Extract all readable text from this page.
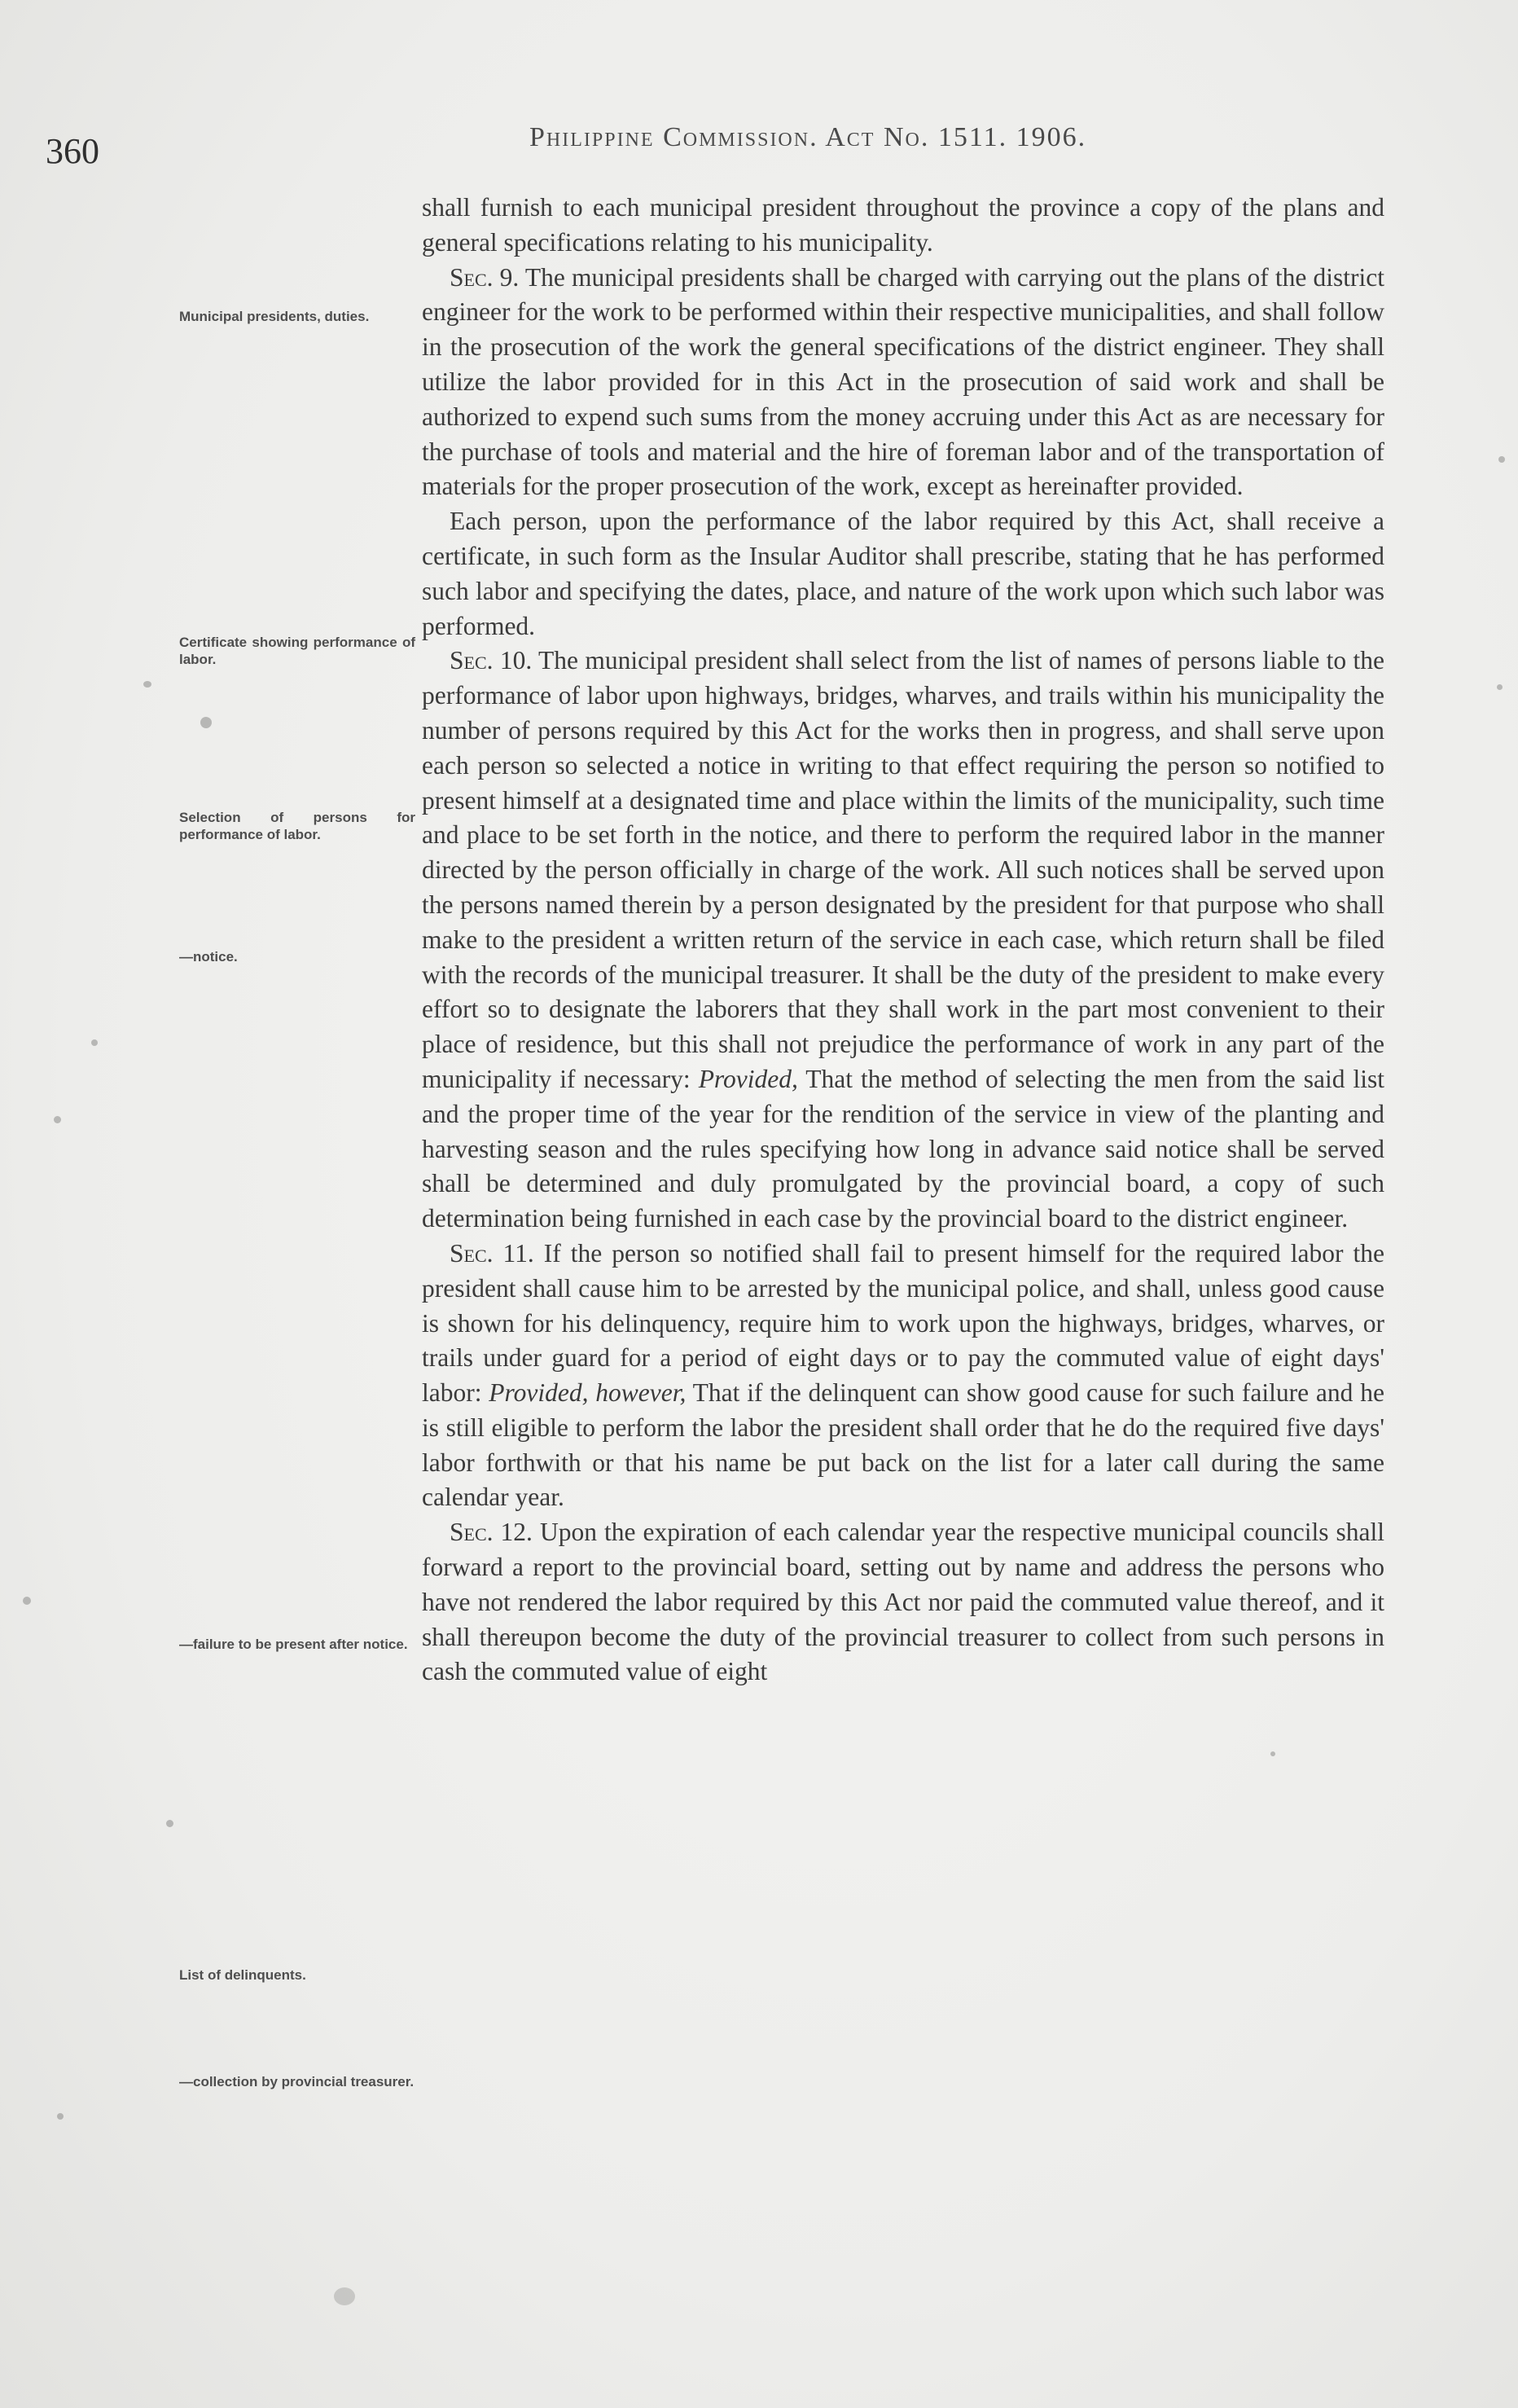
360	Philippine Commission. Act No. 1511. 1906.
Municipal presidents, duties.
Certificate showing performance of labor.
Selection of persons for performance of labor.
—notice.
—failure to be present after notice.
List of delinquents.
—collection by provincial treasurer.

shall furnish to each municipal president throughout the province a copy of the plans and general specifications relating to his municipality.

Sec. 9. The municipal presidents shall be charged with carrying out the plans of the district engineer for the work to be performed within their respective municipalities, and shall follow in the prosecution of the work the general specifications of the district engineer. They shall utilize the labor provided for in this Act in the prosecution of said work and shall be authorized to expend such sums from the money accruing under this Act as are necessary for the purchase of tools and material and the hire of foreman labor and of the transportation of materials for the proper prosecution of the work, except as hereinafter provided.

Each person, upon the performance of the labor required by this Act, shall receive a certificate, in such form as the Insular Auditor shall prescribe, stating that he has performed such labor and specifying the dates, place, and nature of the work upon which such labor was performed.

Sec. 10. The municipal president shall select from the list of names of persons liable to the performance of labor upon highways, bridges, wharves, and trails within his municipality the number of persons required by this Act for the works then in progress, and shall serve upon each person so selected a notice in writing to that effect requiring the person so notified to present himself at a designated time and place within the limits of the municipality, such time and place to be set forth in the notice, and there to perform the required labor in the manner directed by the person officially in charge of the work. All such notices shall be served upon the persons named therein by a person designated by the president for that purpose who shall make to the president a written return of the service in each case, which return shall be filed with the records of the municipal treasurer. It shall be the duty of the president to make every effort so to designate the laborers that they shall work in the part most convenient to their place of residence, but this shall not prejudice the performance of work in any part of the municipality if necessary: Provided, That the method of selecting the men from the said list and the proper time of the year for the rendition of the service in view of the planting and harvesting season and the rules specifying how long in advance said notice shall be served shall be determined and duly promulgated by the provincial board, a copy of such determination being furnished in each case by the provincial board to the district engineer.

Sec. 11. If the person so notified shall fail to present himself for the required labor the president shall cause him to be arrested by the municipal police, and shall, unless good cause is shown for his delinquency, require him to work upon the highways, bridges, wharves, or trails under guard for a period of eight days or to pay the commuted value of eight days' labor: Provided, however, That if the delinquent can show good cause for such failure and he is still eligible to perform the labor the president shall order that he do the required five days' labor forthwith or that his name be put back on the list for a later call during the same calendar year.

Sec. 12. Upon the expiration of each calendar year the respective municipal councils shall forward a report to the provincial board, setting out by name and address the persons who have not rendered the labor required by this Act nor paid the commuted value thereof, and it shall thereupon become the duty of the provincial treasurer to collect from such persons in cash the commuted value of eight
